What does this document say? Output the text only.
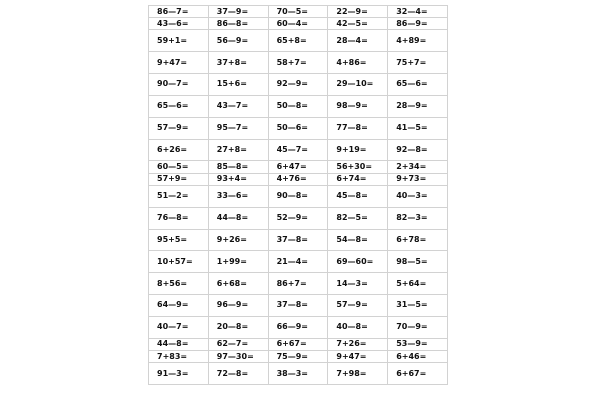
86—7=	37—9=	70—5=	22—9=	32—4=
43—6=	86—8=	60—4=	42—5=	86—9=
59+1=	56—9=	65+8=	28—4=	4+89=
9+47=	37+8=	58+7=	4+86=	75+7=
90—7=	15+6=	92—9=	29—10=	65—6=
65—6=	43—7=	50—8=	98—9=	28—9=
57—9=	95—7=	50—6=	77—8=	41—5=
6+26=	27+8=	45—7=	9+19=	92—8=
60—5=	85—8=	6+47=	56+30=	2+34=
57+9=	93+4=	4+76=	6+74=	9+73=
51—2=	33—6=	90—8=	45—8=	40—3=
76—8=	44—8=	52—9=	82—5=	82—3=
95+5=	9+26=	37—8=	54—8=	6+78=
10+57=	1+99=	21—4=	69—60=	98—5=
8+56=	6+68=	86+7=	14—3=	5+64=
64—9=	96—9=	37—8=	57—9=	31—5=
40—7=	20—8=	66—9=	40—8=	70—9=
44—8=	62—7=	6+67=	7+26=	53—9=
7+83=	97—30=	75—9=	9+47=	6+46=
91—3=	72—8=	38—3=	7+98=	6+67=
